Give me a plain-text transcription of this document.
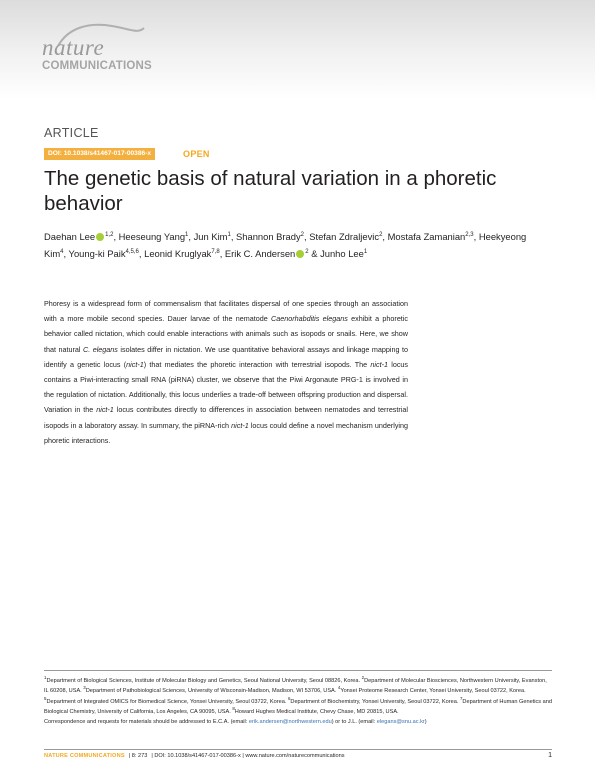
nature
COMMUNICATIONS
ARTICLE
DOI: 10.1038/s41467-017-00386-x	OPEN
The genetic basis of natural variation in a phoretic behavior
Daehan Lee $^{1,2}$, Heeseung Yang$^1$, Jun Kim$^1$, Shannon Brady$^2$, Stefan Zdraljevic$^2$, Mostafa Zamanian$^{2,3}$, Heekyeong Kim$^4$, Young-ki Paik$^{4,5,6}$, Leonid Kruglyak$^{7,8}$, Erik C. Andersen $^2$ & Junho Lee$^1$
Phoresy is a widespread form of commensalism that facilitates dispersal of one species through an association with a more mobile second species. Dauer larvae of the nematode Caenorhabditis elegans exhibit a phoretic behavior called nictation, which could enable interactions with animals such as isopods or snails. Here, we show that natural C. elegans isolates differ in nictation. We use quantitative behavioral assays and linkage mapping to identify a genetic locus (nict-1) that mediates the phoretic interaction with terrestrial isopods. The nict-1 locus contains a Piwi-interacting small RNA (piRNA) cluster, we observe that the Piwi Argonaute PRG-1 is involved in the regulation of nictation. Additionally, this locus underlies a trade-off between offspring production and dispersal. Variation in the nict-1 locus contributes directly to differences in association between nematodes and terrestrial isopods in a laboratory assay. In summary, the piRNA-rich nict-1 locus could define a novel mechanism underlying phoretic interactions.
$^1$Department of Biological Sciences, Institute of Molecular Biology and Genetics, Seoul National University, Seoul 08826, Korea. $^2$Department of Molecular Biosciences, Northwestern University, Evanston, IL 60208, USA. $^3$Department of Pathobiological Sciences, University of Wisconsin-Madison, Madison, WI 53706, USA. $^4$Yonsei Proteome Research Center, Yonsei University, Seoul 03722, Korea. $^5$Department of Integrated OMICS for Biomedical Science, Yonsei University, Seoul 03722, Korea. $^6$Department of Biochemistry, Yonsei University, Seoul 03722, Korea. $^7$Department of Human Genetics and Biological Chemistry, University of California, Los Angeles, CA 90095, USA. $^8$Howard Hughes Medical Institute, Chevy Chase, MD 20815, USA.
Correspondence and requests for materials should be addressed to E.C.A. (email: erik.andersen@northwestern.edu) or to J.L. (email: elegans@snu.ac.kr)
NATURE COMMUNICATIONS | 8: 273 | DOI: 10.1038/s41467-017-00386-x | www.nature.com/naturecommunications	1
